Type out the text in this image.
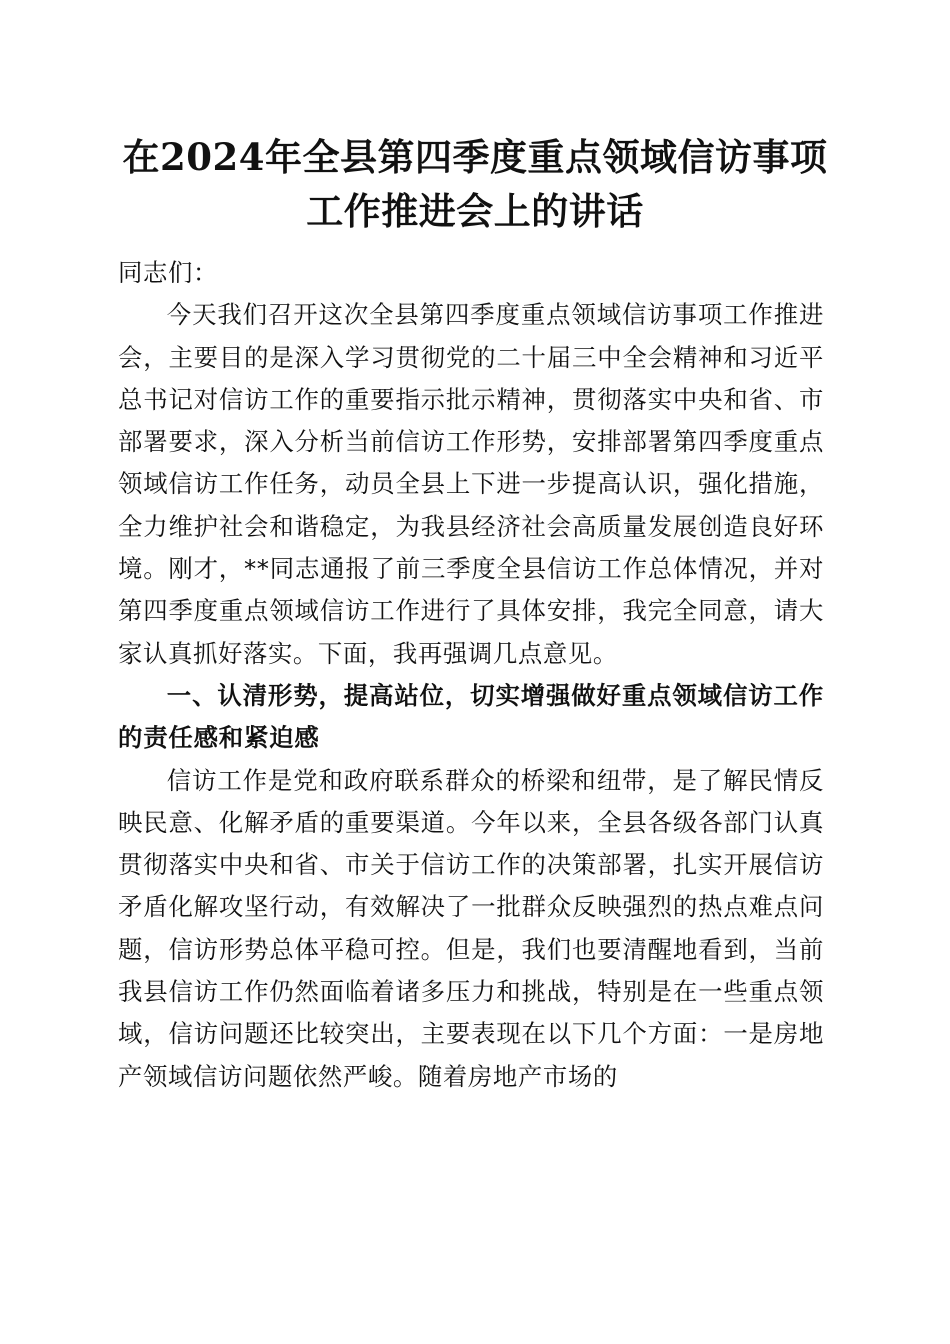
在2024年全县第四季度重点领域信访事项工作推进会上的讲话

同志们：

今天我们召开这次全县第四季度重点领域信访事项工作推进会，主要目的是深入学习贯彻党的二十届三中全会精神和习近平总书记对信访工作的重要指示批示精神，贯彻落实中央和省、市部署要求，深入分析当前信访工作形势，安排部署第四季度重点领域信访工作任务，动员全县上下进一步提高认识，强化措施，全力维护社会和谐稳定，为我县经济社会高质量发展创造良好环境。刚才，**同志通报了前三季度全县信访工作总体情况，并对第四季度重点领域信访工作进行了具体安排，我完全同意，请大家认真抓好落实。下面，我再强调几点意见。

一、认清形势，提高站位，切实增强做好重点领域信访工作的责任感和紧迫感

信访工作是党和政府联系群众的桥梁和纽带，是了解民情反映民意、化解矛盾的重要渠道。今年以来，全县各级各部门认真贯彻落实中央和省、市关于信访工作的决策部署，扎实开展信访矛盾化解攻坚行动，有效解决了一批群众反映强烈的热点难点问题，信访形势总体平稳可控。但是，我们也要清醒地看到，当前我县信访工作仍然面临着诸多压力和挑战，特别是在一些重点领域，信访问题还比较突出，主要表现在以下几个方面：一是房地产领域信访问题依然严峻。随着房地产市场的
